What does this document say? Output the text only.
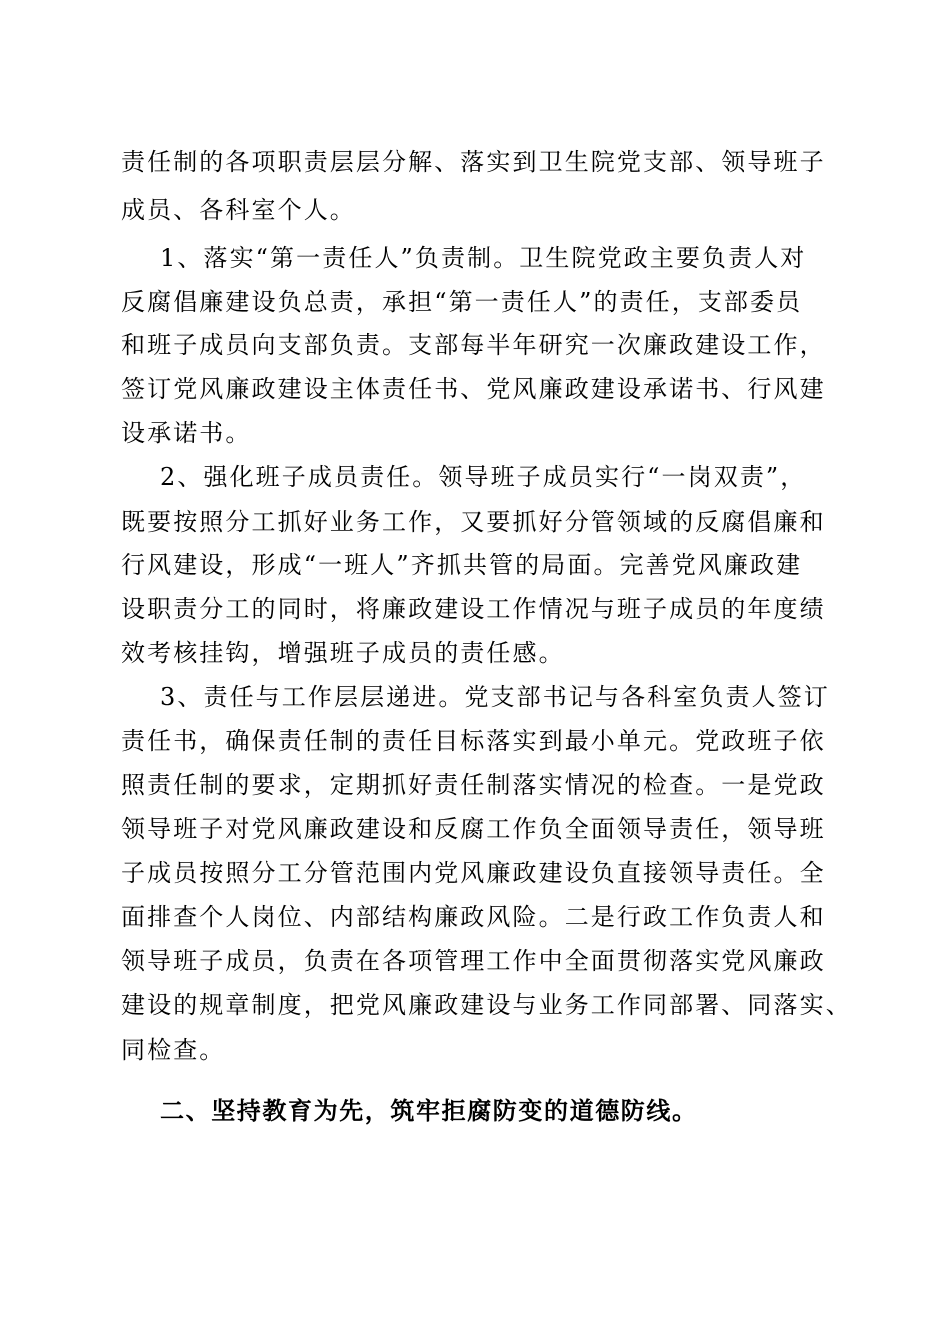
责任制的各项职责层层分解、落实到卫生院党支部、领导班子
成员、各科室个人。
1、落实“第一责任人”负责制。卫生院党政主要负责人对
反腐倡廉建设负总责，承担“第一责任人”的责任，支部委员
和班子成员向支部负责。支部每半年研究一次廉政建设工作，
签订党风廉政建设主体责任书、党风廉政建设承诺书、行风建
设承诺书。
2、强化班子成员责任。领导班子成员实行“一岗双责”，
既要按照分工抓好业务工作，又要抓好分管领域的反腐倡廉和
行风建设，形成“一班人”齐抓共管的局面。完善党风廉政建
设职责分工的同时，将廉政建设工作情况与班子成员的年度绩
效考核挂钩，增强班子成员的责任感。
3、责任与工作层层递进。党支部书记与各科室负责人签订
责任书，确保责任制的责任目标落实到最小单元。党政班子依
照责任制的要求，定期抓好责任制落实情况的检查。一是党政
领导班子对党风廉政建设和反腐工作负全面领导责任，领导班
子成员按照分工分管范围内党风廉政建设负直接领导责任。全
面排查个人岗位、内部结构廉政风险。二是行政工作负责人和
领导班子成员，负责在各项管理工作中全面贯彻落实党风廉政
建设的规章制度，把党风廉政建设与业务工作同部署、同落实、
同检查。
二、坚持教育为先，筑牢拒腐防变的道德防线。
